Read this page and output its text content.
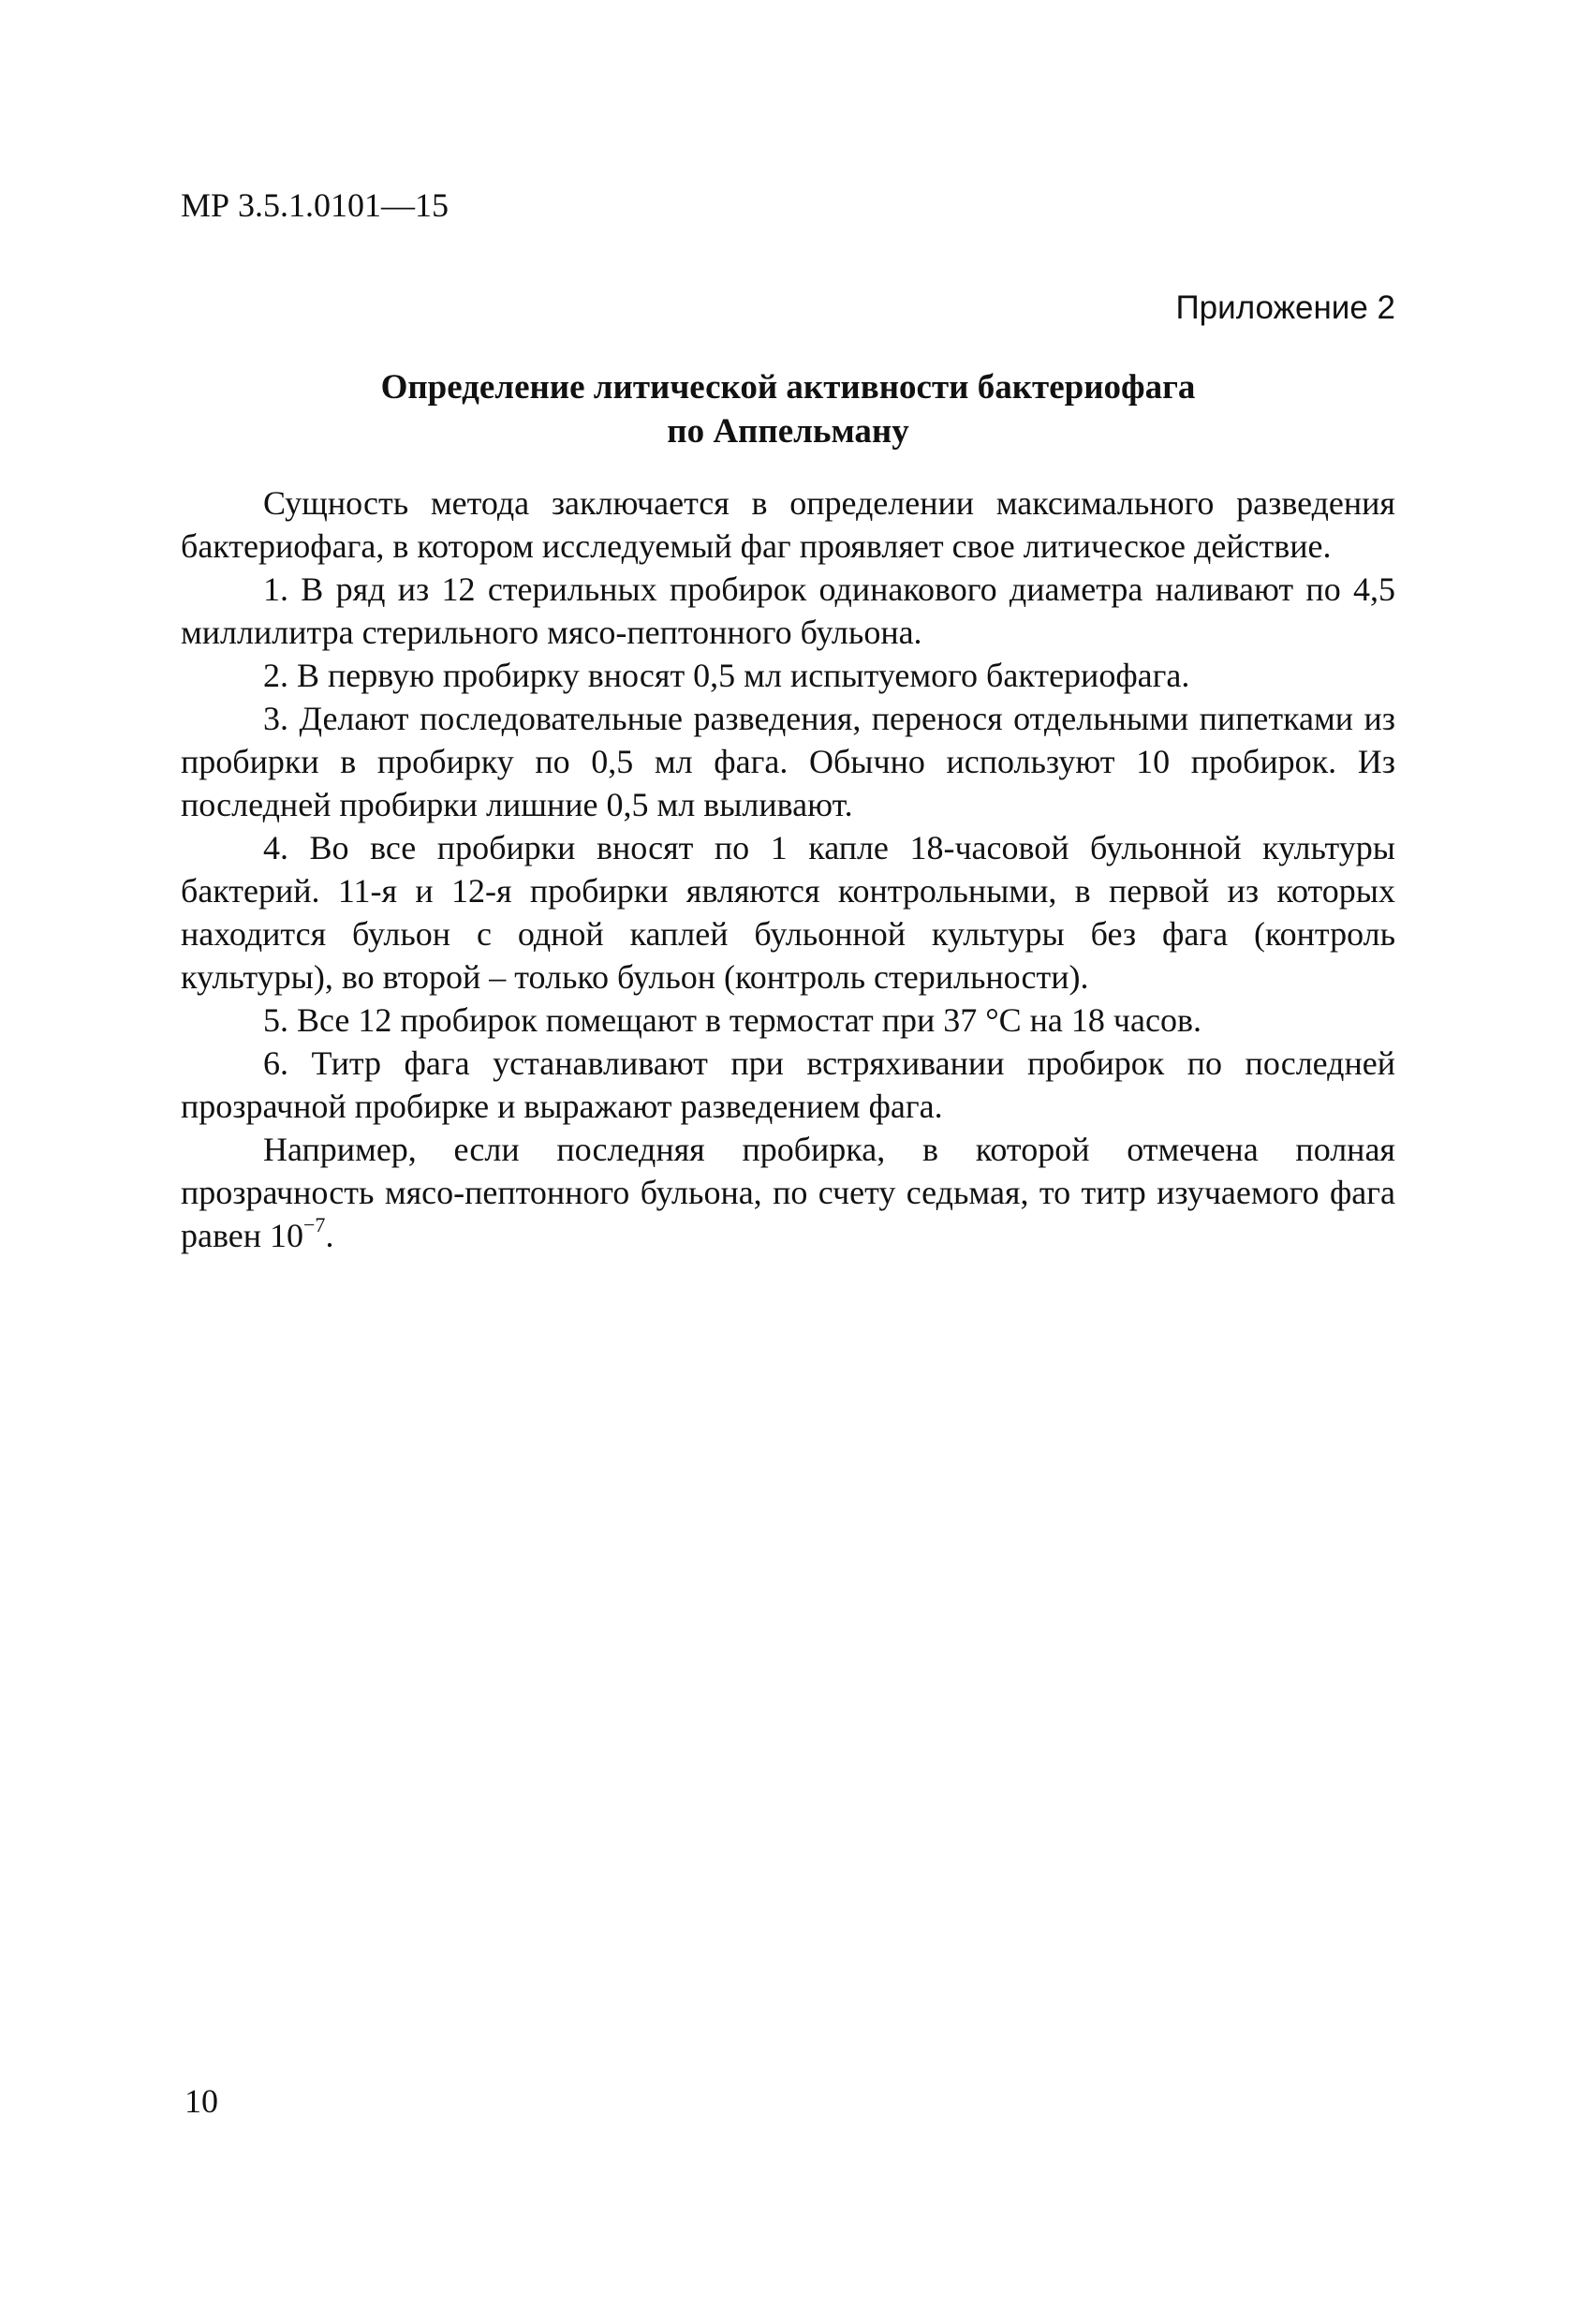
МР 3.5.1.0101—15
Приложение 2
Определение литической активности бактериофага
по Аппельману

Сущность метода заключается в определении максимального разведения бактериофага, в котором исследуемый фаг проявляет свое литическое действие.

1. В ряд из 12 стерильных пробирок одинакового диаметра наливают по 4,5 миллилитра стерильного мясо-пептонного бульона.

2. В первую пробирку вносят 0,5 мл испытуемого бактериофага.

3. Делают последовательные разведения, перенося отдельными пипетками из пробирки в пробирку по 0,5 мл фага. Обычно используют 10 пробирок. Из последней пробирки лишние 0,5 мл выливают.

4. Во все пробирки вносят по 1 капле 18-часовой бульонной культуры бактерий. 11-я и 12-я пробирки являются контрольными, в первой из которых находится бульон с одной каплей бульонной культуры без фага (контроль культуры), во второй – только бульон (контроль стерильности).

5. Все 12 пробирок помещают в термостат при 37 °С на 18 часов.

6. Титр фага устанавливают при встряхивании пробирок по последней прозрачной пробирке и выражают разведением фага.

Например, если последняя пробирка, в которой отмечена полная прозрачность мясо-пептонного бульона, по счету седьмая, то титр изучаемого фага равен $10^{-7}$.

10
